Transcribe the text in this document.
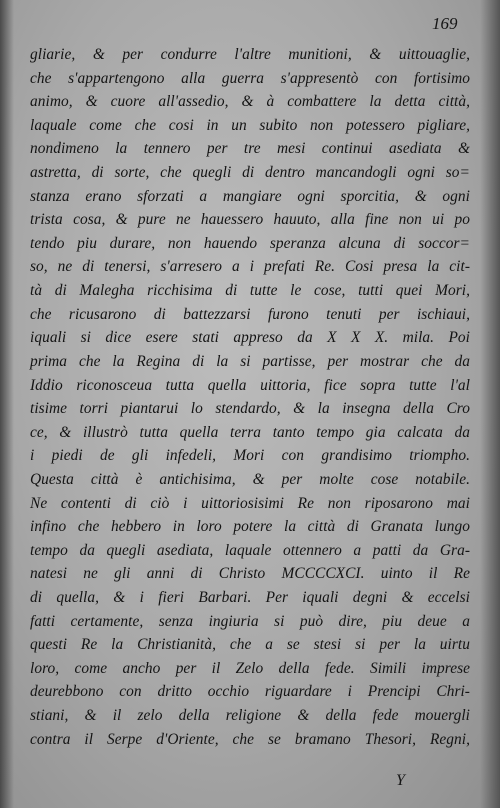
169
gliarie, & per condurre l'altre munitioni, & uittouaglie,
che s'appartengono alla guerra s'appresentò con fortisimo
animo, & cuore all'assedio, & à combattere la detta città,
laquale come che cosi in un subito non potessero pigliare,
nondimeno la tennero per tre mesi continui asediata &
astretta, di sorte, che quegli di dentro mancandogli ogni so=
stanza erano sforzati a mangiare ogni sporcitia, & ogni
trista cosa, & pure ne hauessero hauuto, alla fine non ui po
tendo piu durare, non hauendo speranza alcuna di soccor=
so, ne di tenersi, s'arresero a i prefati Re. Cosi presa la cit-
tà di Malegha ricchisima di tutte le cose, tutti quei Mori,
che ricusarono di battezzarsi furono tenuti per ischiaui,
iquali si dice esere stati appreso da X X X. mila. Poi
prima che la Regina di la si partisse, per mostrar che da
Iddio riconosceua tutta quella uittoria, fice sopra tutte l'al
tisime torri piantarui lo stendardo, & la insegna della Cro
ce, & illustrò tutta quella terra tanto tempo gia calcata da
i piedi de gli infedeli, Mori con grandisimo triompho.
Questa città è antichisima, & per molte cose notabile.
Ne contenti di ciò i uittoriosisimi Re non riposarono mai
infino che hebbero in loro potere la città di Granata lungo
tempo da quegli asediata, laquale ottennero a patti da Gra-
natesi ne gli anni di Christo MCCCCXCI. uinto il Re
di quella, & i fieri Barbari. Per iquali degni & eccelsi
fatti certamente, senza ingiuria si può dire, piu deue a
questi Re la Christianità, che a se stesi si per la uirtu
loro, come ancho per il Zelo della fede. Simili imprese
deurebbono con dritto occhio riguardare i Prencipi Chri-
stiani, & il zelo della religione & della fede mouergli
contra il Serpe d'Oriente, che se bramano Thesori, Regni,
Y
